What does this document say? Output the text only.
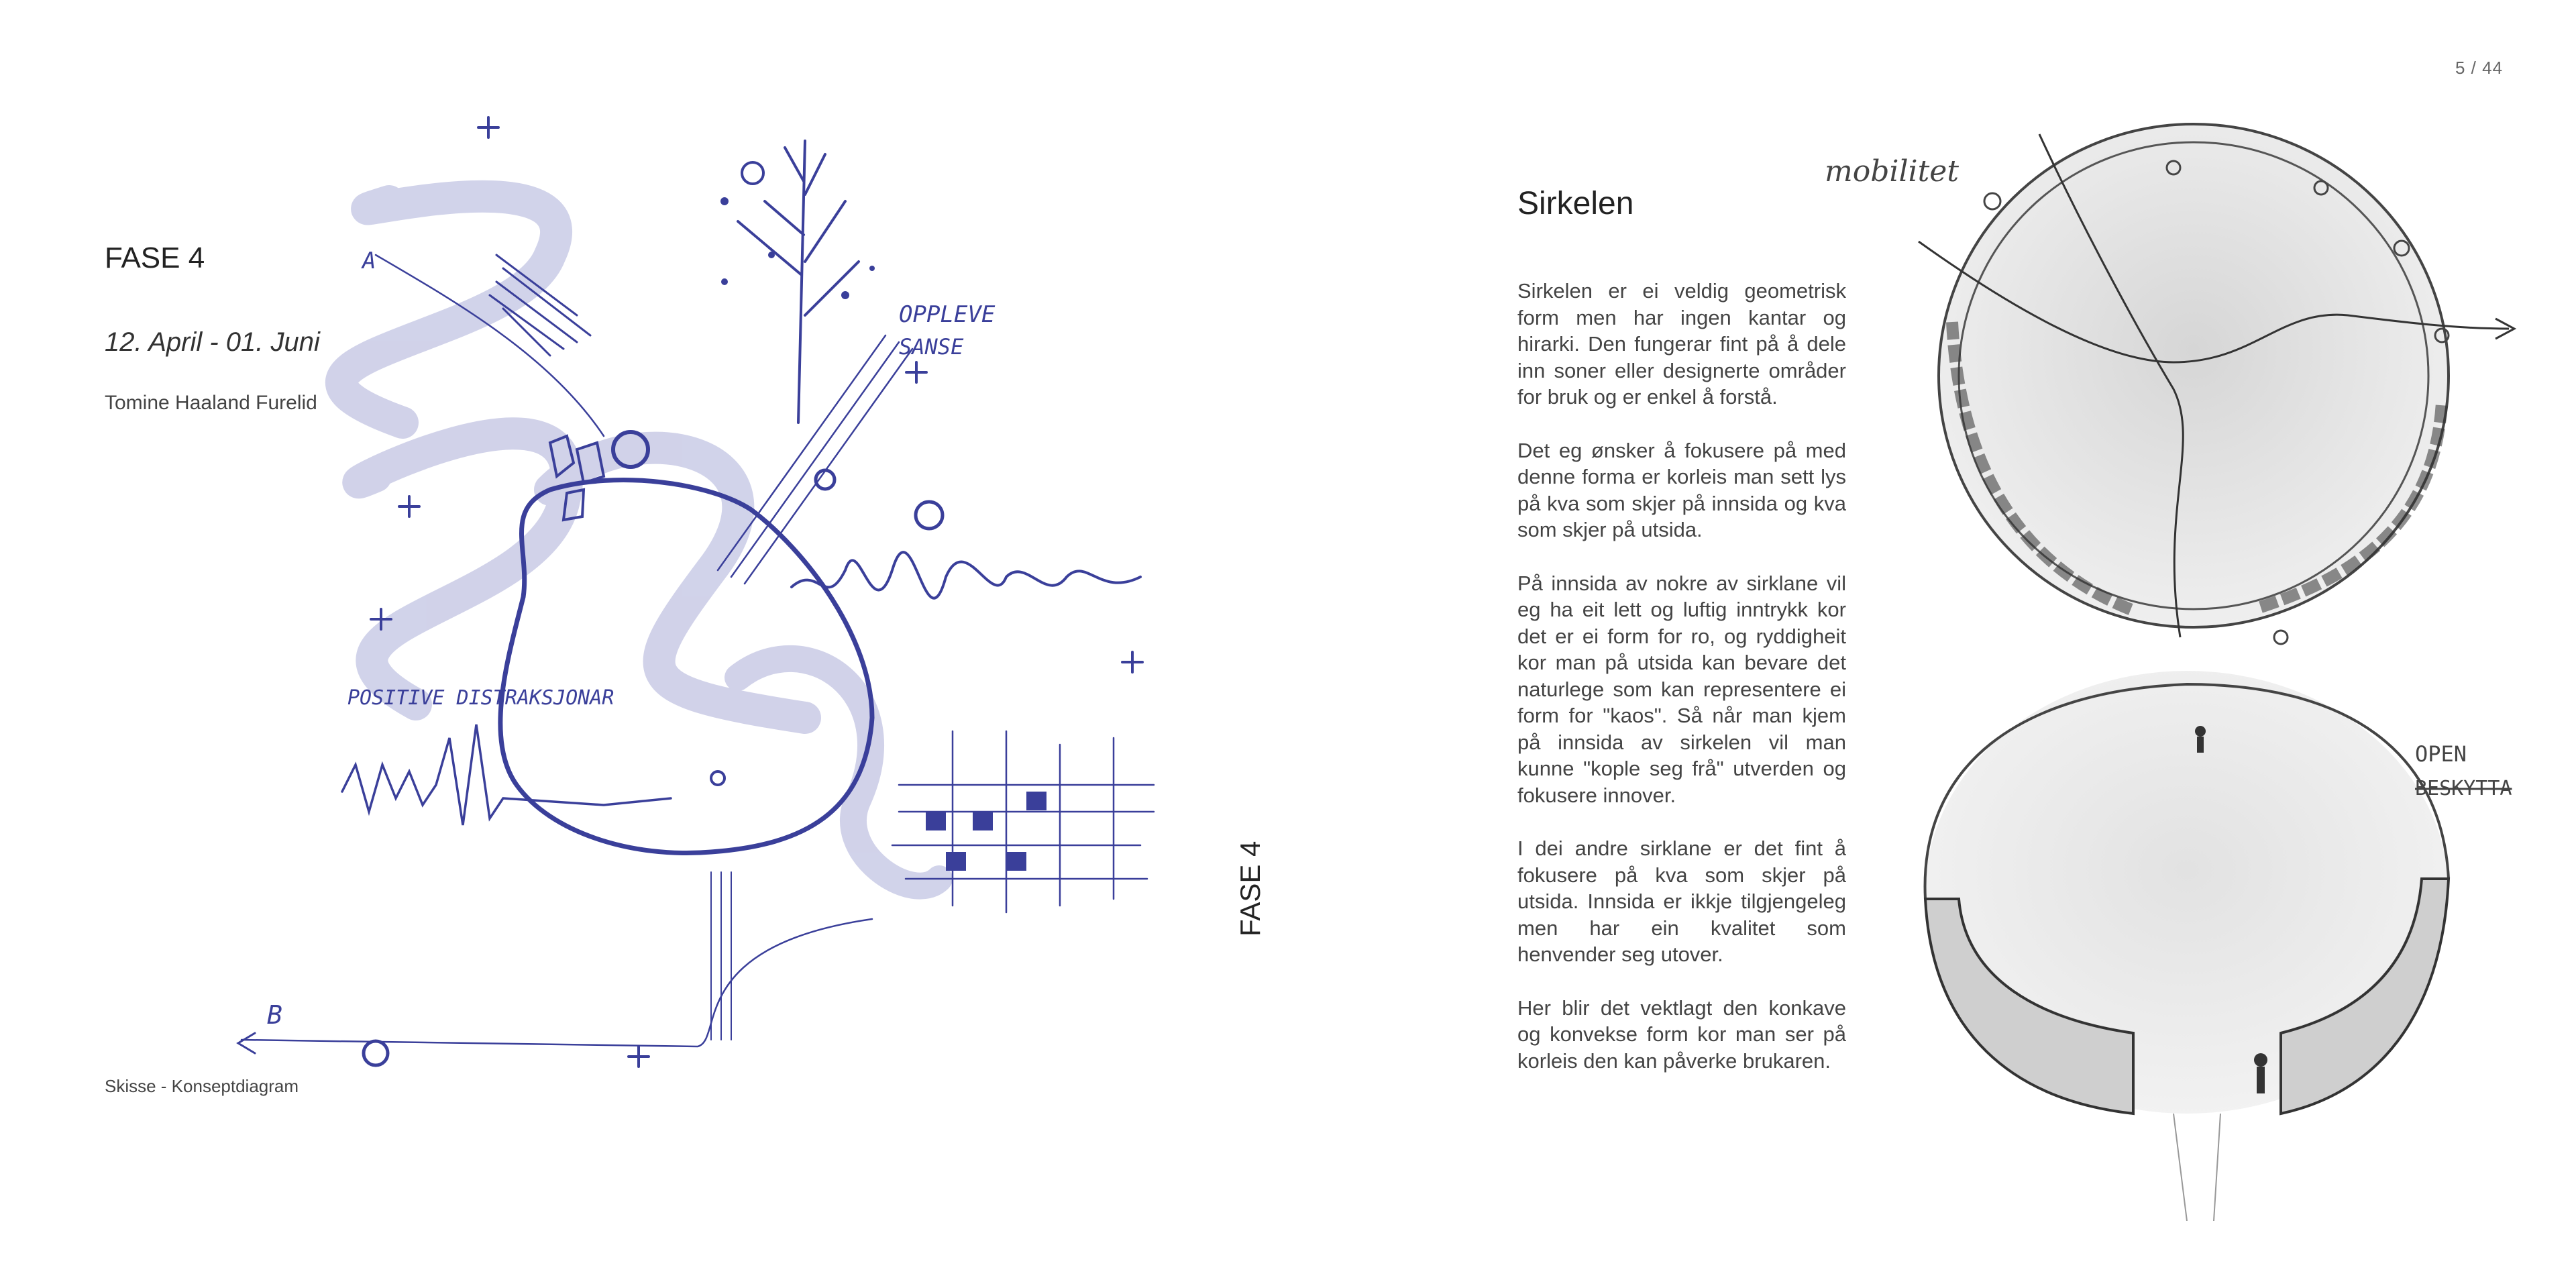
5 / 44
FASE 4
12. April - 01. Juni
Tomine Haaland Furelid
Skisse - Konseptdiagram
FASE 4
A
B
OPPLEVE
SANSE
POSITIVE DISTRAKSJONAR
Sirkelen

Sirkelen er ei veldig geometrisk form men har ingen kantar og hirarki. Den fungerar fint på å dele inn soner eller designerte områder for bruk og er enkel å forstå.

Det eg ønsker å fokusere på med denne forma er korleis man sett lys på kva som skjer på innsida og kva som skjer på utsida.

På innsida av nokre av sirklane vil eg ha eit lett og luftig inntrykk kor det er ei form for ro, og ryddigheit kor man på utsida kan bevare det naturlege som kan representere ei form for "kaos". Så når man kjem på innsida av sirkelen vil man kunne "kople seg frå" utverden og fokusere innover.

I dei andre sirklane er det fint å fokusere på kva som skjer på utsida. Innsida er ikkje tilgjengeleg men har ein kvalitet som henvender seg utover.

Her blir det vektlagt den konkave og konvekse form kor man ser på korleis den kan påverke brukaren.

mobilitet
OPEN
BESKYTTA
